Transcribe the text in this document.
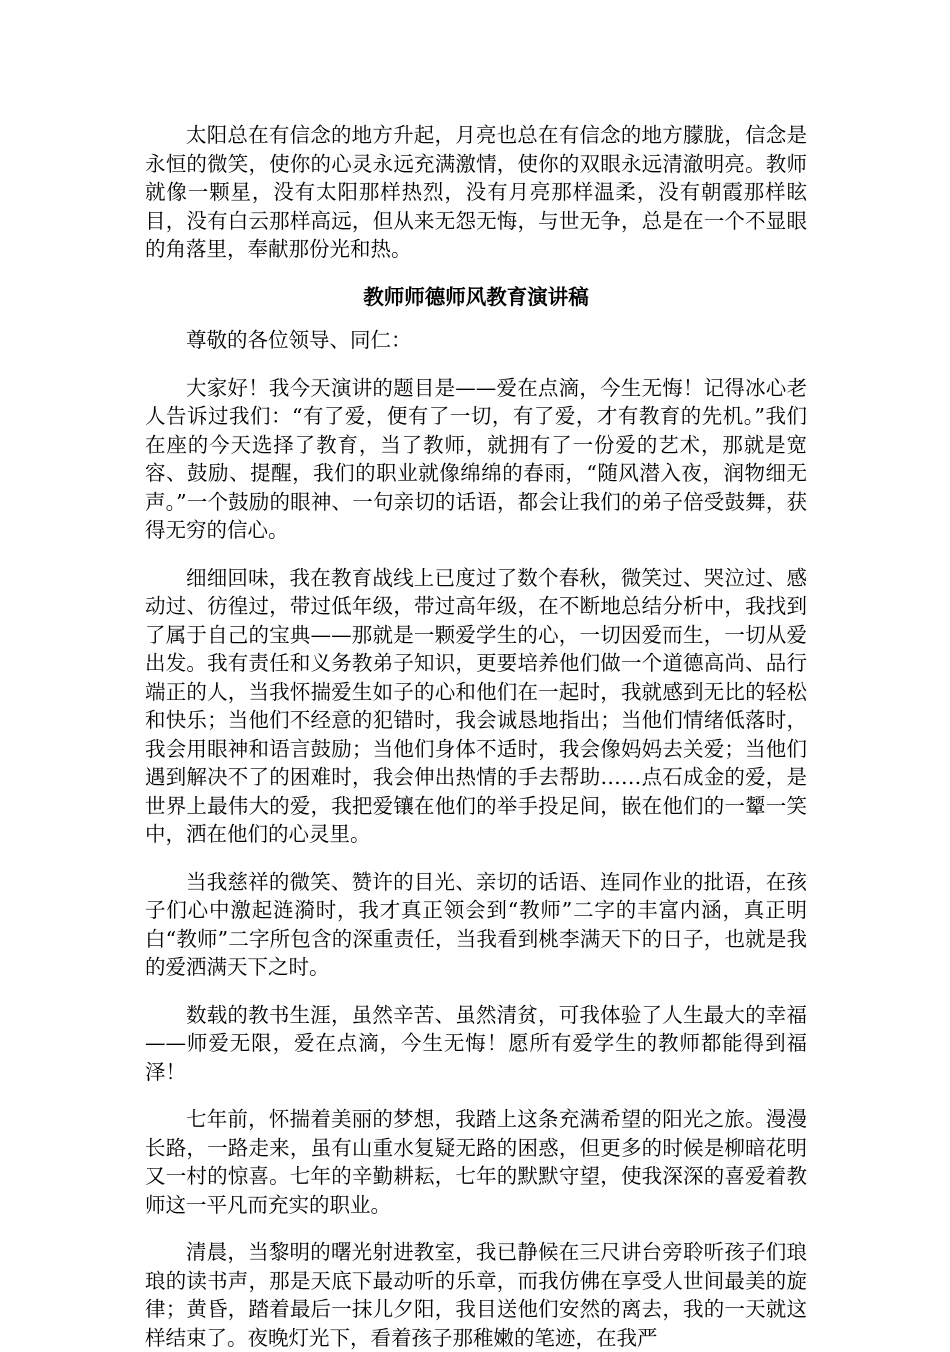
太阳总在有信念的地方升起，月亮也总在有信念的地方朦胧，信念是永恒的微笑，使你的心灵永远充满激情，使你的双眼永远清澈明亮。教师就像一颗星，没有太阳那样热烈，没有月亮那样温柔，没有朝霞那样眩目，没有白云那样高远，但从来无怨无悔，与世无争，总是在一个不显眼的角落里，奉献那份光和热。

教师师德师风教育演讲稿

尊敬的各位领导、同仁：

大家好！我今天演讲的题目是——爱在点滴，今生无悔！记得冰心老人告诉过我们：“有了爱，便有了一切，有了爱，才有教育的先机。”我们在座的今天选择了教育，当了教师，就拥有了一份爱的艺术，那就是宽容、鼓励、提醒，我们的职业就像绵绵的春雨，“随风潜入夜，润物细无声。”一个鼓励的眼神、一句亲切的话语，都会让我们的弟子倍受鼓舞，获得无穷的信心。

细细回味，我在教育战线上已度过了数个春秋，微笑过、哭泣过、感动过、彷徨过，带过低年级，带过高年级，在不断地总结分析中，我找到了属于自己的宝典——那就是一颗爱学生的心，一切因爱而生，一切从爱出发。我有责任和义务教弟子知识，更要培养他们做一个道德高尚、品行端正的人，当我怀揣爱生如子的心和他们在一起时，我就感到无比的轻松和快乐；当他们不经意的犯错时，我会诚恳地指出；当他们情绪低落时，我会用眼神和语言鼓励；当他们身体不适时，我会像妈妈去关爱；当他们遇到解决不了的困难时，我会伸出热情的手去帮助……点石成金的爱，是世界上最伟大的爱，我把爱镶在他们的举手投足间，嵌在他们的一颦一笑中，洒在他们的心灵里。

当我慈祥的微笑、赞许的目光、亲切的话语、连同作业的批语，在孩子们心中激起涟漪时，我才真正领会到“教师”二字的丰富内涵，真正明白“教师”二字所包含的深重责任，当我看到桃李满天下的日子，也就是我的爱洒满天下之时。

数载的教书生涯，虽然辛苦、虽然清贫，可我体验了人生最大的幸福——师爱无限，爱在点滴，今生无悔！愿所有爱学生的教师都能得到福泽！

七年前，怀揣着美丽的梦想，我踏上这条充满希望的阳光之旅。漫漫长路，一路走来，虽有山重水复疑无路的困惑，但更多的时候是柳暗花明又一村的惊喜。七年的辛勤耕耘，七年的默默守望，使我深深的喜爱着教师这一平凡而充实的职业。

清晨，当黎明的曙光射进教室，我已静候在三尺讲台旁聆听孩子们琅琅的读书声，那是天底下最动听的乐章，而我仿佛在享受人世间最美的旋律；黄昏，踏着最后一抹儿夕阳，我目送他们安然的离去，我的一天就这样结束了。夜晚灯光下，看着孩子那稚嫩的笔迹，在我严
